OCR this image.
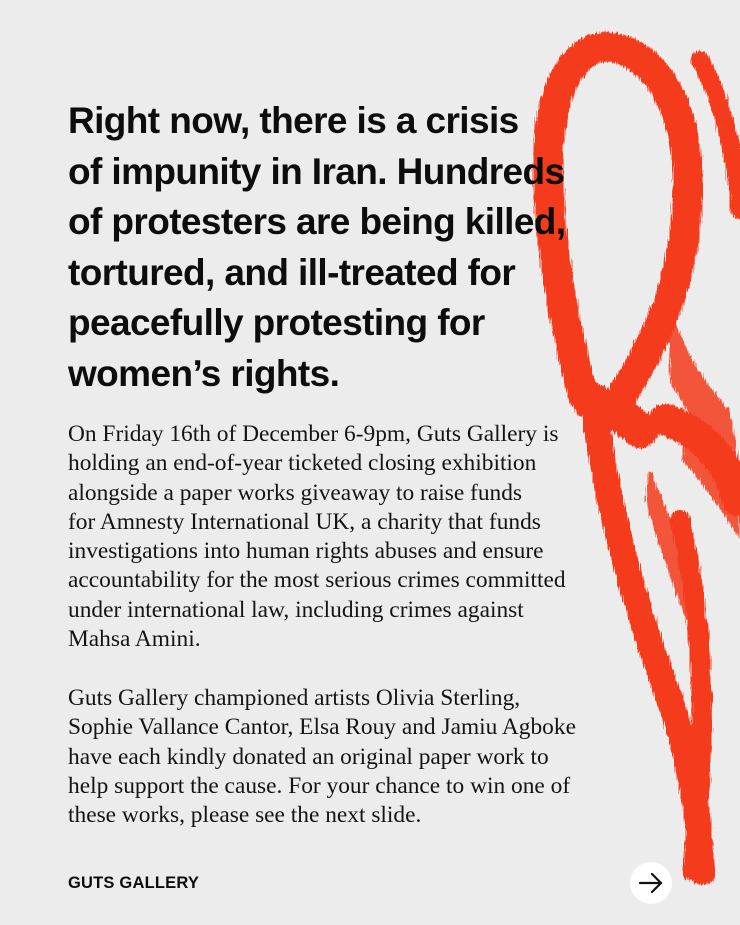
Right now, there is a crisis
of impunity in Iran. Hundreds
of protesters are being killed,
tortured, and ill-treated for
peacefully protesting for
women’s rights.

On Friday 16th of December 6-9pm, Guts Gallery is
holding an end-of-year ticketed closing exhibition
alongside a paper works giveaway to raise funds
for Amnesty International UK, a charity that funds
investigations into human rights abuses and ensure
accountability for the most serious crimes committed
under international law, including crimes against
Mahsa Amini.

Guts Gallery championed artists Olivia Sterling,
Sophie Vallance Cantor, Elsa Rouy and Jamiu Agboke
have each kindly donated an original paper work to
help support the cause. For your chance to win one of
these works, please see the next slide.

GUTS GALLERY
